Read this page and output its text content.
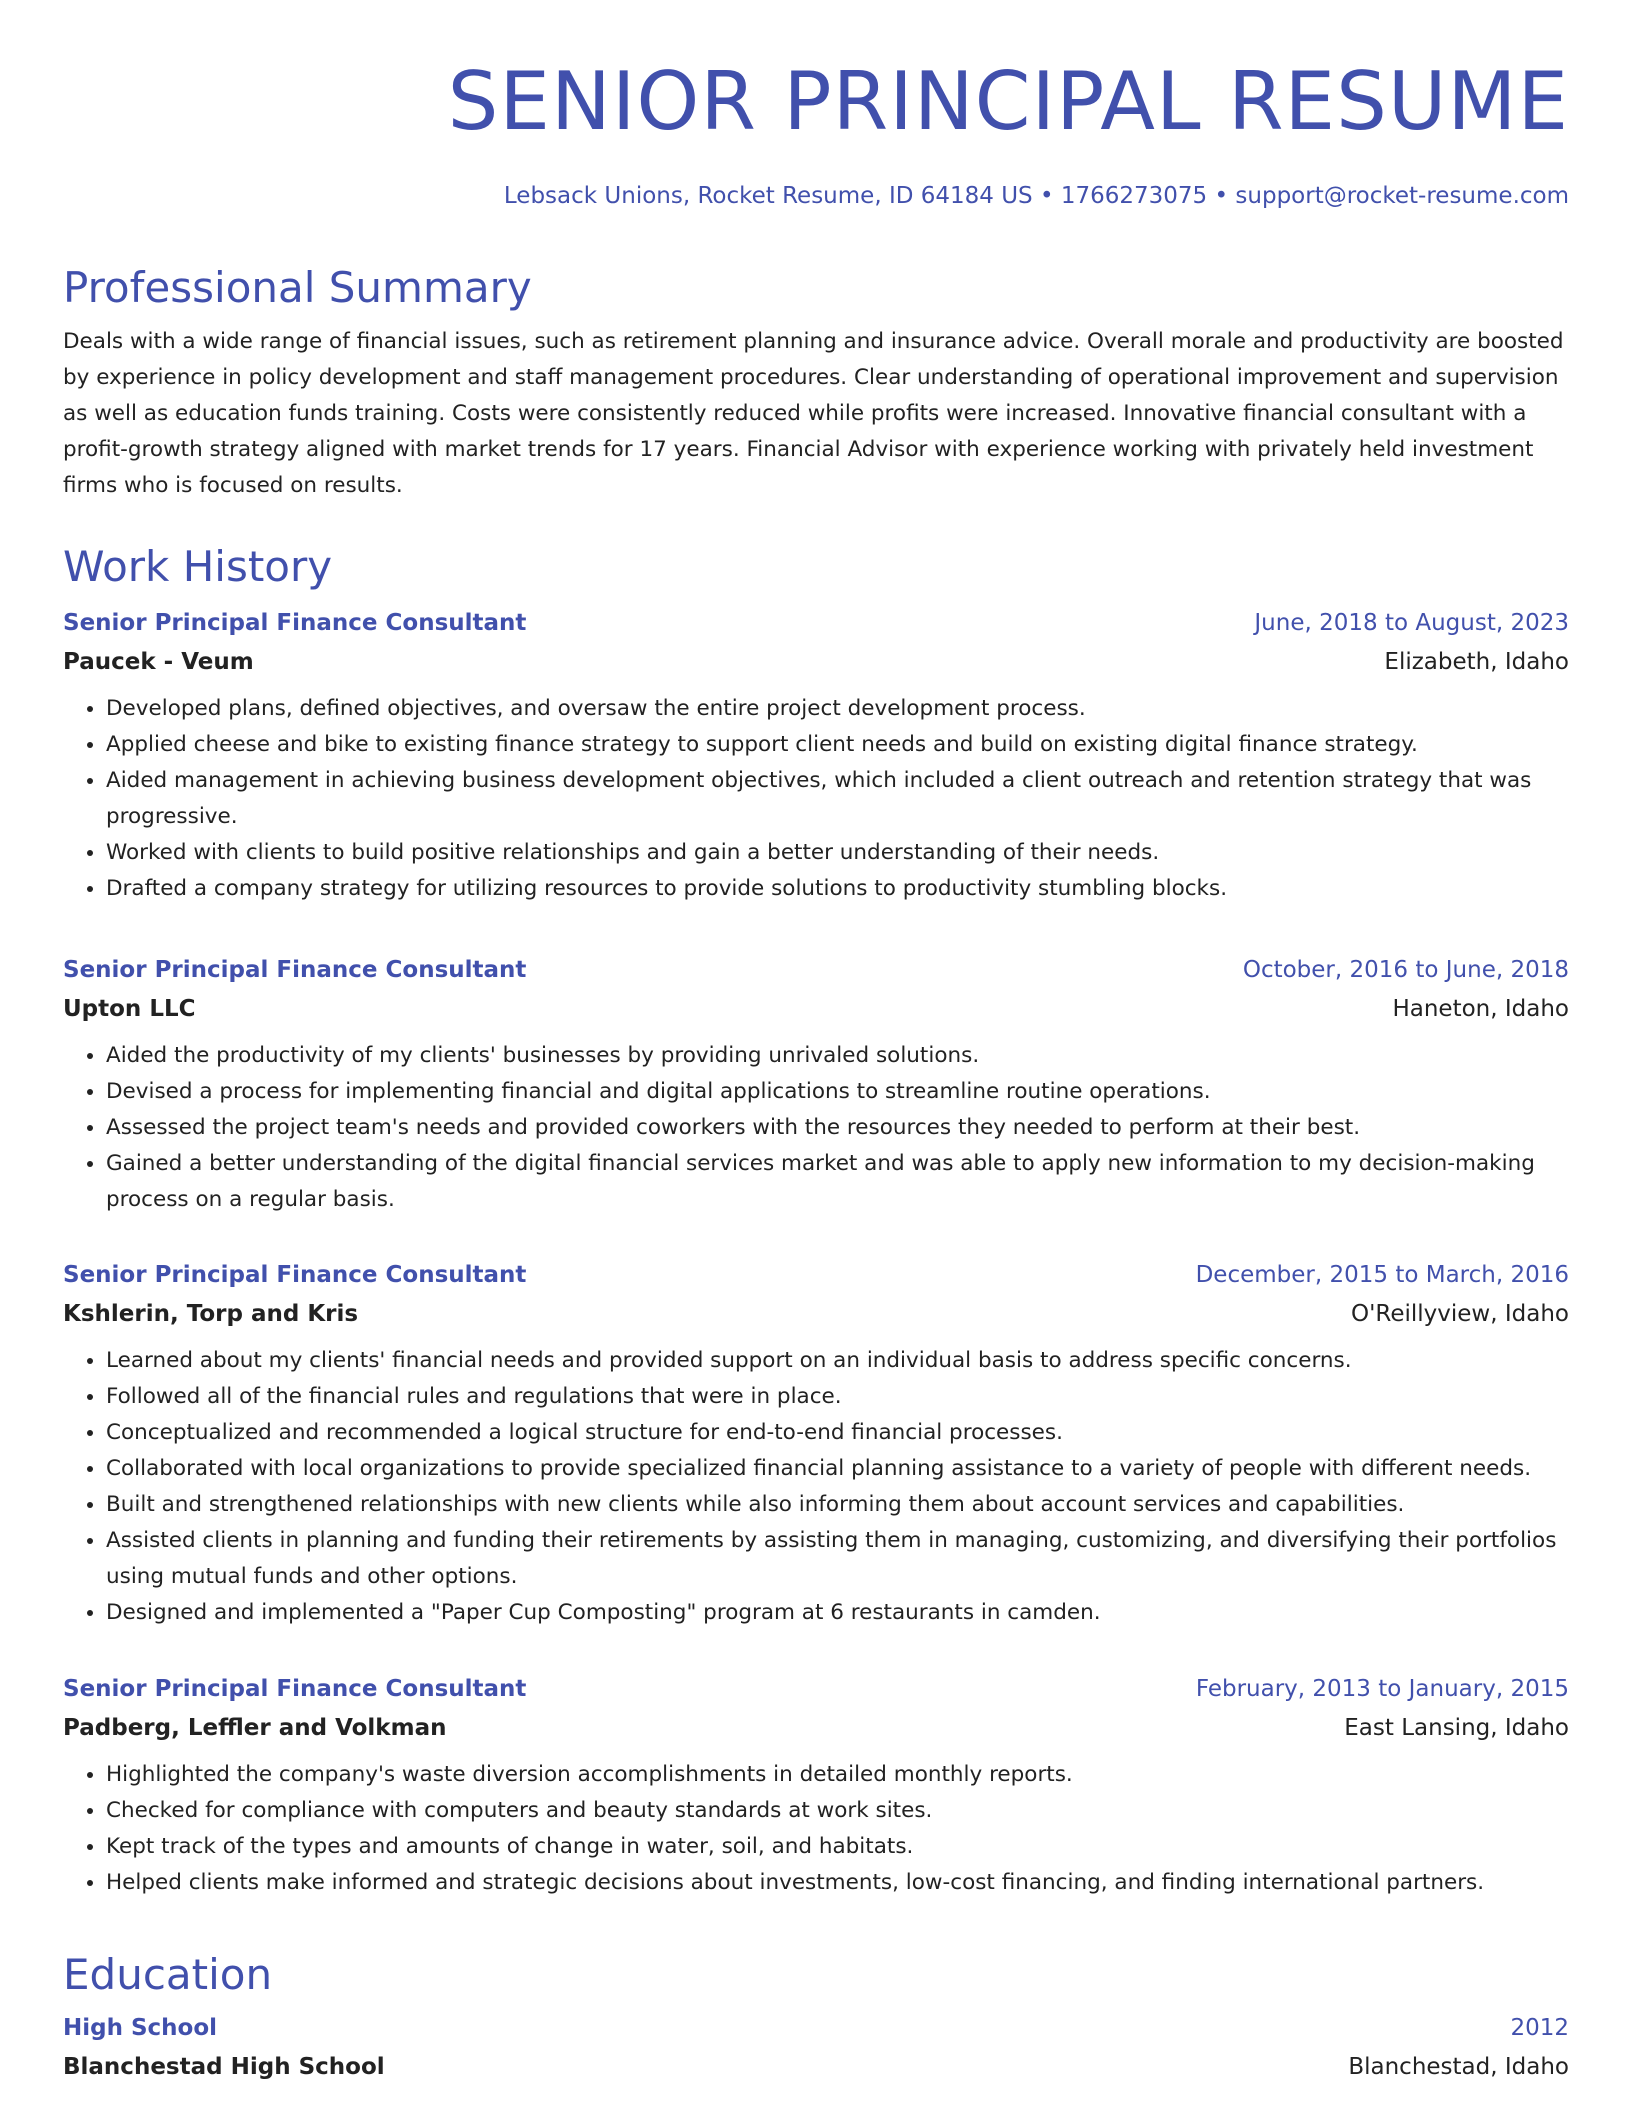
SENIOR PRINCIPAL RESUME
Lebsack Unions, Rocket Resume, ID 64184 US • 1766273075 • support@rocket-resume.com
Professional Summary

Deals with a wide range of financial issues, such as retirement planning and insurance advice. Overall morale and productivity are boosted by experience in policy development and staff management procedures. Clear understanding of operational improvement and supervision as well as education funds training. Costs were consistently reduced while profits were increased. Innovative financial consultant with a profit-growth strategy aligned with market trends for 17 years. Financial Advisor with experience working with privately held investment firms who is focused on results.

Work History
Senior Principal Finance Consultant	June, 2018 to August, 2023
Paucek - Veum	Elizabeth, Idaho
• Developed plans, defined objectives, and oversaw the entire project development process.
• Applied cheese and bike to existing finance strategy to support client needs and build on existing digital finance strategy.
• Aided management in achieving business development objectives, which included a client outreach and retention strategy that was progressive.
• Worked with clients to build positive relationships and gain a better understanding of their needs.
• Drafted a company strategy for utilizing resources to provide solutions to productivity stumbling blocks.
Senior Principal Finance Consultant	October, 2016 to June, 2018
Upton LLC	Haneton, Idaho
• Aided the productivity of my clients' businesses by providing unrivaled solutions.
• Devised a process for implementing financial and digital applications to streamline routine operations.
• Assessed the project team's needs and provided coworkers with the resources they needed to perform at their best.
• Gained a better understanding of the digital financial services market and was able to apply new information to my decision-making process on a regular basis.
Senior Principal Finance Consultant	December, 2015 to March, 2016
Kshlerin, Torp and Kris	O'Reillyview, Idaho
• Learned about my clients' financial needs and provided support on an individual basis to address specific concerns.
• Followed all of the financial rules and regulations that were in place.
• Conceptualized and recommended a logical structure for end-to-end financial processes.
• Collaborated with local organizations to provide specialized financial planning assistance to a variety of people with different needs.
• Built and strengthened relationships with new clients while also informing them about account services and capabilities.
• Assisted clients in planning and funding their retirements by assisting them in managing, customizing, and diversifying their portfolios using mutual funds and other options.
• Designed and implemented a "Paper Cup Composting" program at 6 restaurants in camden.
Senior Principal Finance Consultant	February, 2013 to January, 2015
Padberg, Leffler and Volkman	East Lansing, Idaho
• Highlighted the company's waste diversion accomplishments in detailed monthly reports.
• Checked for compliance with computers and beauty standards at work sites.
• Kept track of the types and amounts of change in water, soil, and habitats.
• Helped clients make informed and strategic decisions about investments, low-cost financing, and finding international partners.
Education
High School	2012
Blanchestad High School	Blanchestad, Idaho
